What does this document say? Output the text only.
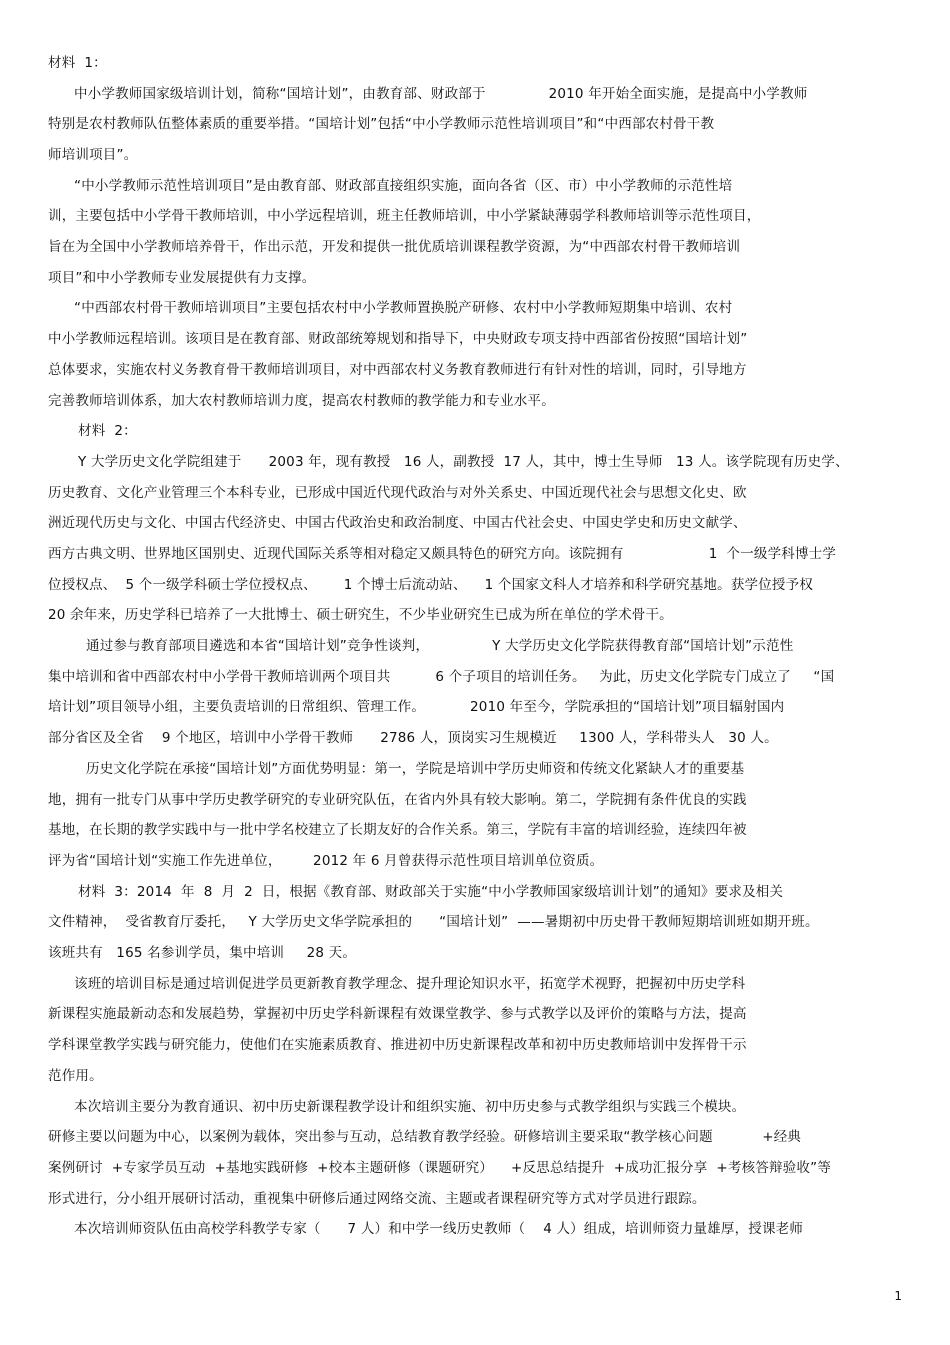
材料  1：
中小学教师国家级培训计划，简称“国培计划”，由教育部、财政部于              2010 年开始全面实施，是提高中小学教师
特别是农村教师队伍整体素质的重要举措。“国培计划”包括“中小学教师示范性培训项目”和“中西部农村骨干教
师培训项目”。
“中小学教师示范性培训项目”是由教育部、财政部直接组织实施，面向各省（区、市）中小学教师的示范性培
训，主要包括中小学骨干教师培训，中小学远程培训，班主任教师培训，中小学紧缺薄弱学科教师培训等示范性项目，
旨在为全国中小学教师培养骨干，作出示范，开发和提供一批优质培训课程教学资源，为“中西部农村骨干教师培训
项目”和中小学教师专业发展提供有力支撑。
“中西部农村骨干教师培训项目”主要包括农村中小学教师置换脱产研修、农村中小学教师短期集中培训、农村
中小学教师远程培训。该项目是在教育部、财政部统筹规划和指导下，中央财政专项支持中西部省份按照“国培计划”
总体要求，实施农村义务教育骨干教师培训项目，对中西部农村义务教育教师进行有针对性的培训，同时，引导地方
完善教师培训体系，加大农村教师培训力度，提高农村教师的教学能力和专业水平。
材料  2：
Y 大学历史文化学院组建于      2003 年，现有教授   16 人，副教授  17 人，其中，博士生导师   13 人。该学院现有历史学、
历史教育、文化产业管理三个本科专业，已形成中国近代现代政治与对外关系史、中国近现代社会与思想文化史、欧
洲近现代历史与文化、中国古代经济史、中国古代政治史和政治制度、中国古代社会史、中国史学史和历史文献学、
西方古典文明、世界地区国别史、近现代国际关系等相对稳定又颇具特色的研究方向。该院拥有                   1  个一级学科博士学
位授权点、  5 个一级学科硕士学位授权点、      1 个博士后流动站、    1 个国家文科人才培养和科学研究基地。获学位授予权
20 余年来，历史学科已培养了一大批博士、硕士研究生，不少毕业研究生已成为所在单位的学术骨干。
通过参与教育部项目遴选和本省“国培计划”竞争性谈判，              Y 大学历史文化学院获得教育部“国培计划”示范性
集中培训和省中西部农村中小学骨干教师培训两个项目共          6 个子项目的培训任务。   为此，历史文化学院专门成立了     “国
培计划”项目领导小组，主要负责培训的日常组织、管理工作。          2010 年至今，学院承担的“国培计划”项目辐射国内
部分省区及全省    9 个地区，培训中小学骨干教师      2786 人，顶岗实习生规模近     1300 人，学科带头人   30 人。
历史文化学院在承接“国培计划”方面优势明显：第一，学院是培训中学历史师资和传统文化紧缺人才的重要基
地，拥有一批专门从事中学历史教学研究的专业研究队伍，在省内外具有较大影响。第二，学院拥有条件优良的实践
基地，在长期的教学实践中与一批中学名校建立了长期友好的合作关系。第三，学院有丰富的培训经验，连续四年被
评为省“国培计划“实施工作先进单位，       2012 年 6 月曾获得示范性项目培训单位资质。
材料  3：2014  年  8  月  2  日，根据《教育部、财政部关于实施“中小学教师国家级培训计划”的通知》要求及相关
文件精神，  受省教育厅委托，   Y 大学历史文华学院承担的      “国培计划”  ——暑期初中历史骨干教师短期培训班如期开班。
该班共有   165 名参训学员，集中培训     28 天。
该班的培训目标是通过培训促进学员更新教育教学理念、提升理论知识水平，拓宽学术视野，把握初中历史学科
新课程实施最新动态和发展趋势，掌握初中历史学科新课程有效课堂教学、参与式教学以及评价的策略与方法，提高
学科课堂教学实践与研究能力，使他们在实施素质教育、推进初中历史新课程改革和初中历史教师培训中发挥骨干示
范作用。
本次培训主要分为教育通识、初中历史新课程教学设计和组织实施、初中历史参与式教学组织与实践三个模块。
研修主要以问题为中心，以案例为载体，突出参与互动，总结教育教学经验。研修培训主要采取“教学核心问题           +经典
案例研讨  +专家学员互动  +基地实践研修  +校本主题研修（课题研究）    +反思总结提升  +成功汇报分享  +考核答辩验收”等
形式进行，分小组开展研讨活动，重视集中研修后通过网络交流、主题或者课程研究等方式对学员进行跟踪。
本次培训师资队伍由高校学科教学专家（      7 人）和中学一线历史教师（    4 人）组成，培训师资力量雄厚，授课老师
1
